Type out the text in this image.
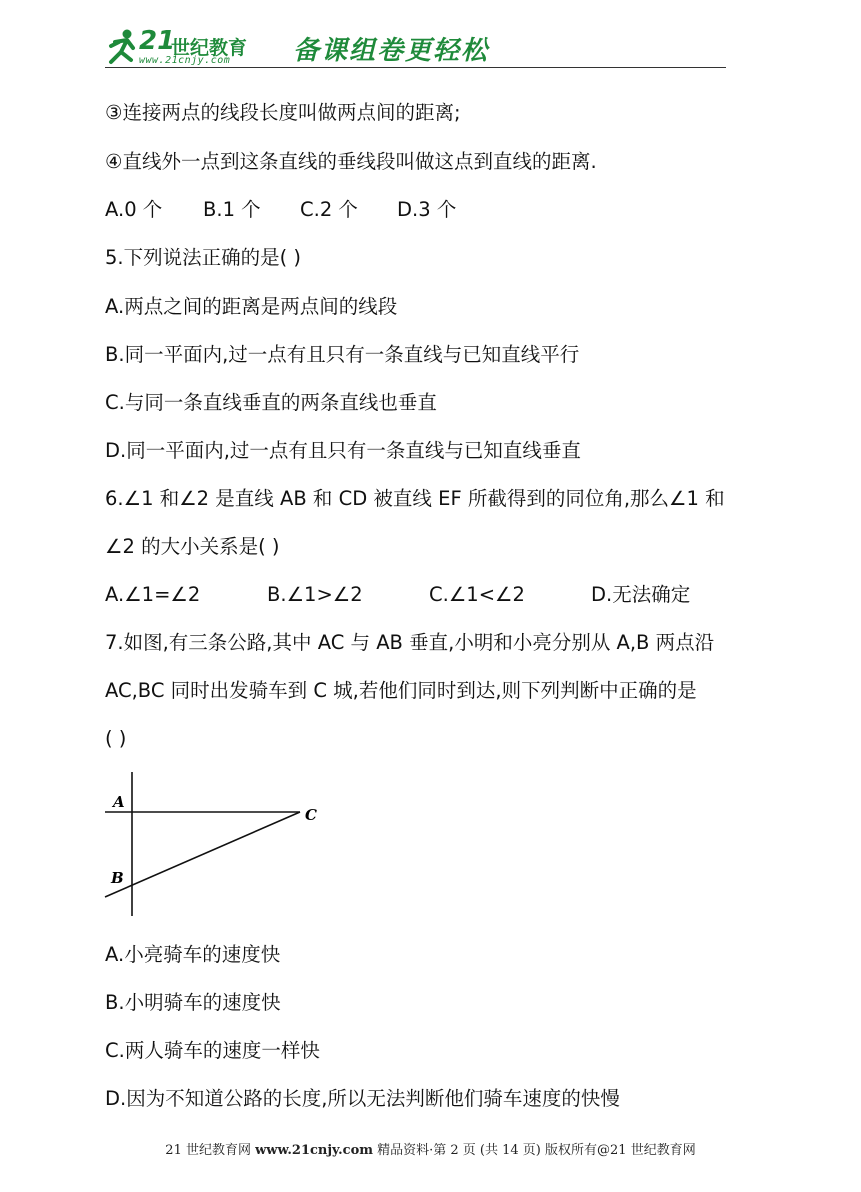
21
世纪教育
www.21cnjy.com 备课组卷更轻松
③连接两点的线段长度叫做两点间的距离;
④直线外一点到这条直线的垂线段叫做这点到直线的距离.
A.0 个 B.1 个 C.2 个 D.3 个
5.下列说法正确的是( )
A.两点之间的距离是两点间的线段
B.同一平面内,过一点有且只有一条直线与已知直线平行
C.与同一条直线垂直的两条直线也垂直
D.同一平面内,过一点有且只有一条直线与已知直线垂直
6.∠1 和∠2 是直线 AB 和 CD 被直线 EF 所截得到的同位角,那么∠1 和
∠2 的大小关系是( )
A.∠1=∠2	B.∠1>∠2	C.∠1<∠2	D.无法确定
7.如图,有三条公路,其中 AC 与 AB 垂直,小明和小亮分别从 A,B 两点沿
AC,BC 同时出发骑车到 C 城,若他们同时到达,则下列判断中正确的是
( )
A
B
C
A.小亮骑车的速度快
B.小明骑车的速度快
C.两人骑车的速度一样快
D.因为不知道公路的长度,所以无法判断他们骑车速度的快慢
21 世纪教育网 www.21cnjy.com 精品资料·第 2 页 (共 14 页) 版权所有@21 世纪教育网
